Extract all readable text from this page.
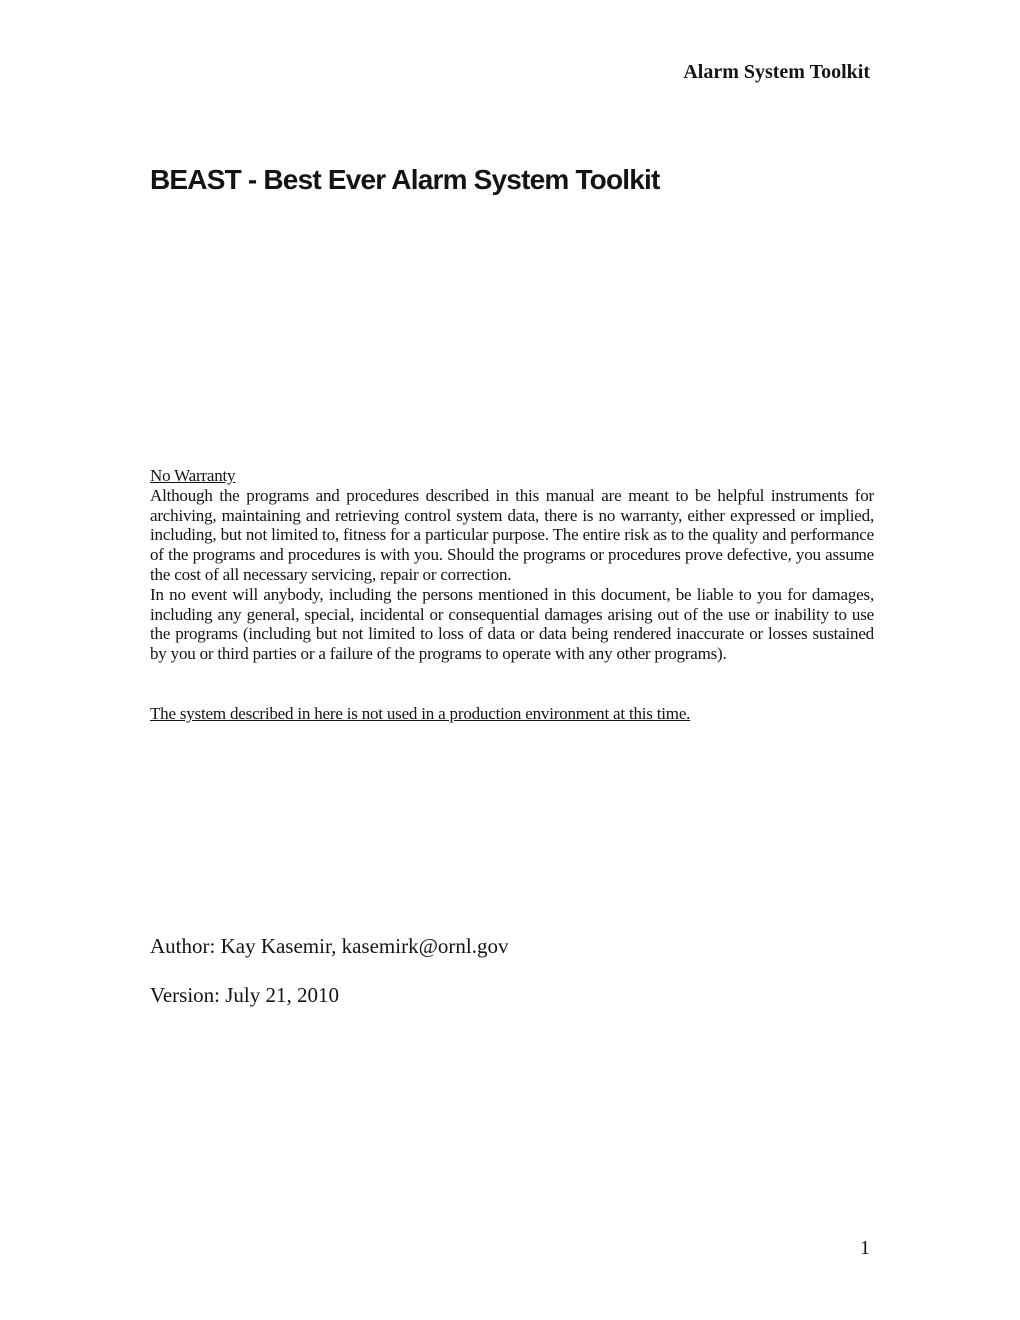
Alarm System Toolkit
BEAST - Best Ever Alarm System Toolkit
No Warranty

Although the programs and procedures described in this manual are meant to be helpful instruments for archiving, maintaining and retrieving control system data, there is no warranty, either expressed or implied, including, but not limited to, fitness for a particular purpose. The entire risk as to the quality and performance of the programs and procedures is with you. Should the programs or procedures prove defective, you assume the cost of all necessary servicing, repair or correction.

In no event will anybody, including the persons mentioned in this document, be liable to you for damages, including any general, special, incidental or consequential damages arising out of the use or inability to use the programs (including but not limited to loss of data or data being rendered inaccurate or losses sustained by you or third parties or a failure of the programs to operate with any other programs).

The system described in here is not used in a production environment at this time.
Author: Kay Kasemir, kasemirk@ornl.gov
Version: July 21, 2010
1
